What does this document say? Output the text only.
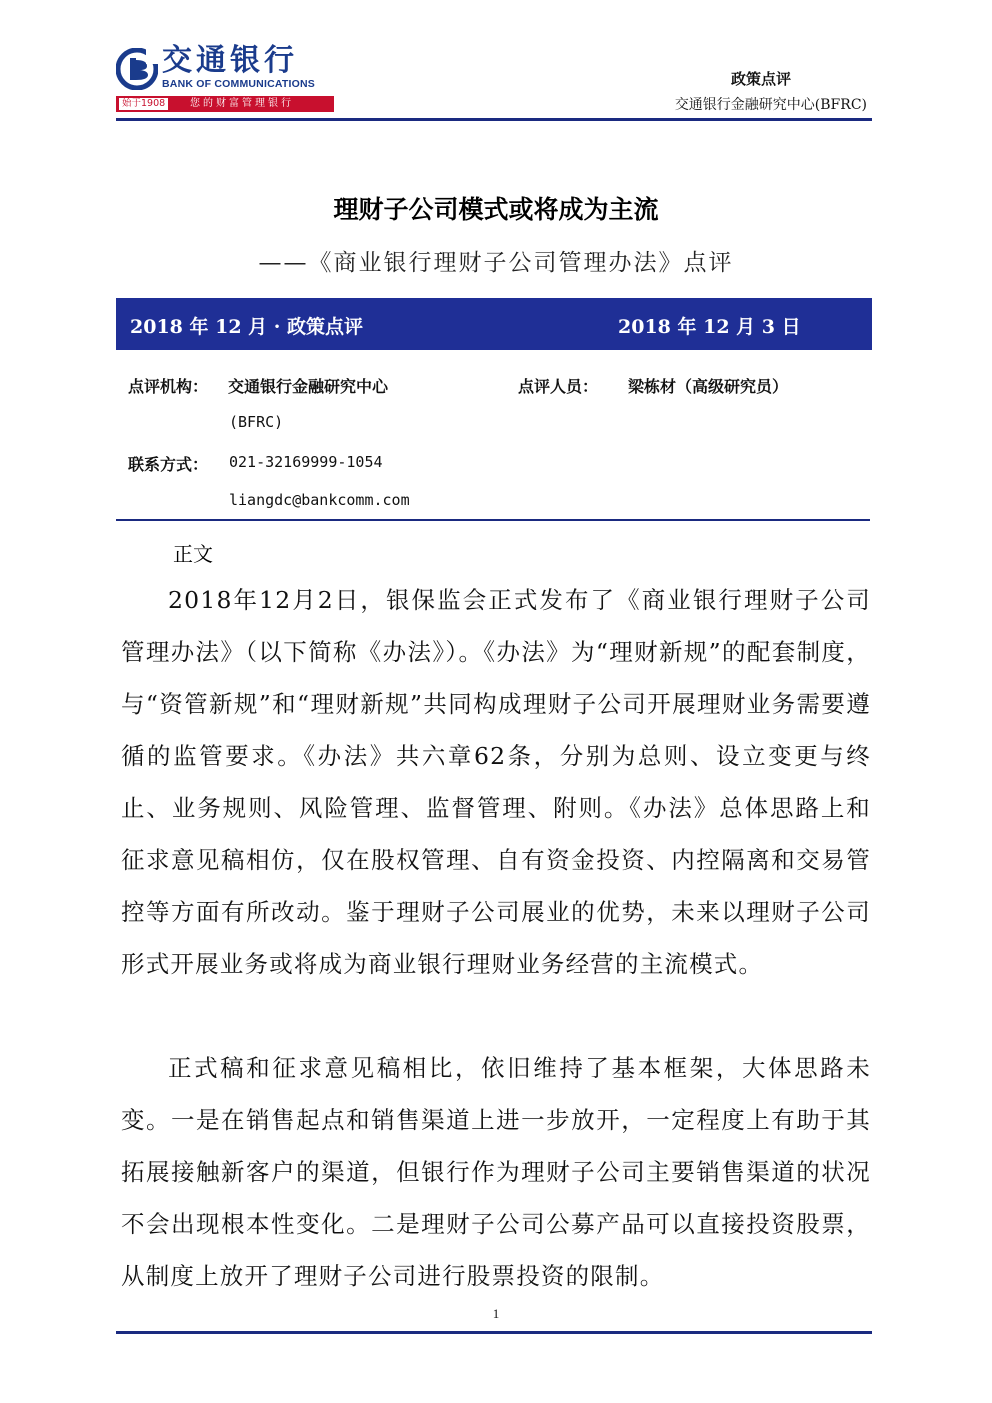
交通银行
BANK OF COMMUNICATIONS
始于1908	您的财富管理银行
政策点评
交通银行金融研究中心(BFRC)
理财子公司模式或将成为主流
——《商业银行理财子公司管理办法》点评
2018 年 12 月 · 政策点评	2018 年 12 月 3 日
点评机构： 交通银行金融研究中心
(BFRC)
点评人员： 梁栋材（高级研究员）
联系方式： 021-32169999-1054
liangdc@bankcomm.com
正文

2018年12月2日，银保监会正式发布了《商业银行理财子公司管理办法》（以下简称《办法》）。《办法》为“理财新规”的配套制度，与“资管新规”和“理财新规”共同构成理财子公司开展理财业务需要遵循的监管要求。《办法》共六章62条，分别为总则、设立变更与终止、业务规则、风险管理、监督管理、附则。《办法》总体思路上和征求意见稿相仿，仅在股权管理、自有资金投资、内控隔离和交易管控等方面有所改动。鉴于理财子公司展业的优势，未来以理财子公司形式开展业务或将成为商业银行理财业务经营的主流模式。

正式稿和征求意见稿相比，依旧维持了基本框架，大体思路未变。一是在销售起点和销售渠道上进一步放开，一定程度上有助于其拓展接触新客户的渠道，但银行作为理财子公司主要销售渠道的状况不会出现根本性变化。二是理财子公司公募产品可以直接投资股票，从制度上放开了理财子公司进行股票投资的限制。

1
